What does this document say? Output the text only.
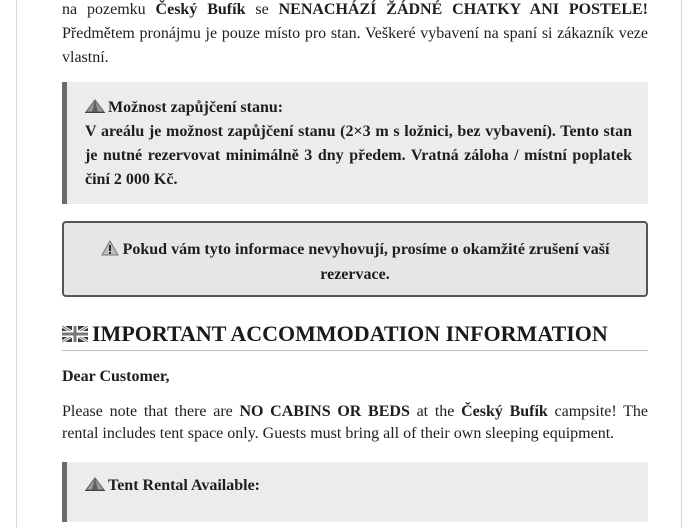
na pozemku Český Bufík se NENACHÁZÍ ŽÁDNÉ CHATKY ANI POSTELE! Předmětem pronájmu je pouze místo pro stan. Veškeré vybavení na spaní si zákazník veze vlastní.

Možnost zapůjčení stanu:
V areálu je možnost zapůjčení stanu (2×3 m s ložnici, bez vybavení). Tento stan je nutné rezervovat minimálně 3 dny předem. Vratná záloha / místní poplatek činí 2 000 Kč.
Pokud vám tyto informace nevyhovují, prosíme o okamžité zrušení vaší rezervace.
IMPORTANT ACCOMMODATION INFORMATION
Dear Customer,

Please note that there are NO CABINS OR BEDS at the Český Bufík campsite! The rental includes tent space only. Guests must bring all of their own sleeping equipment.

Tent Rental Available:
